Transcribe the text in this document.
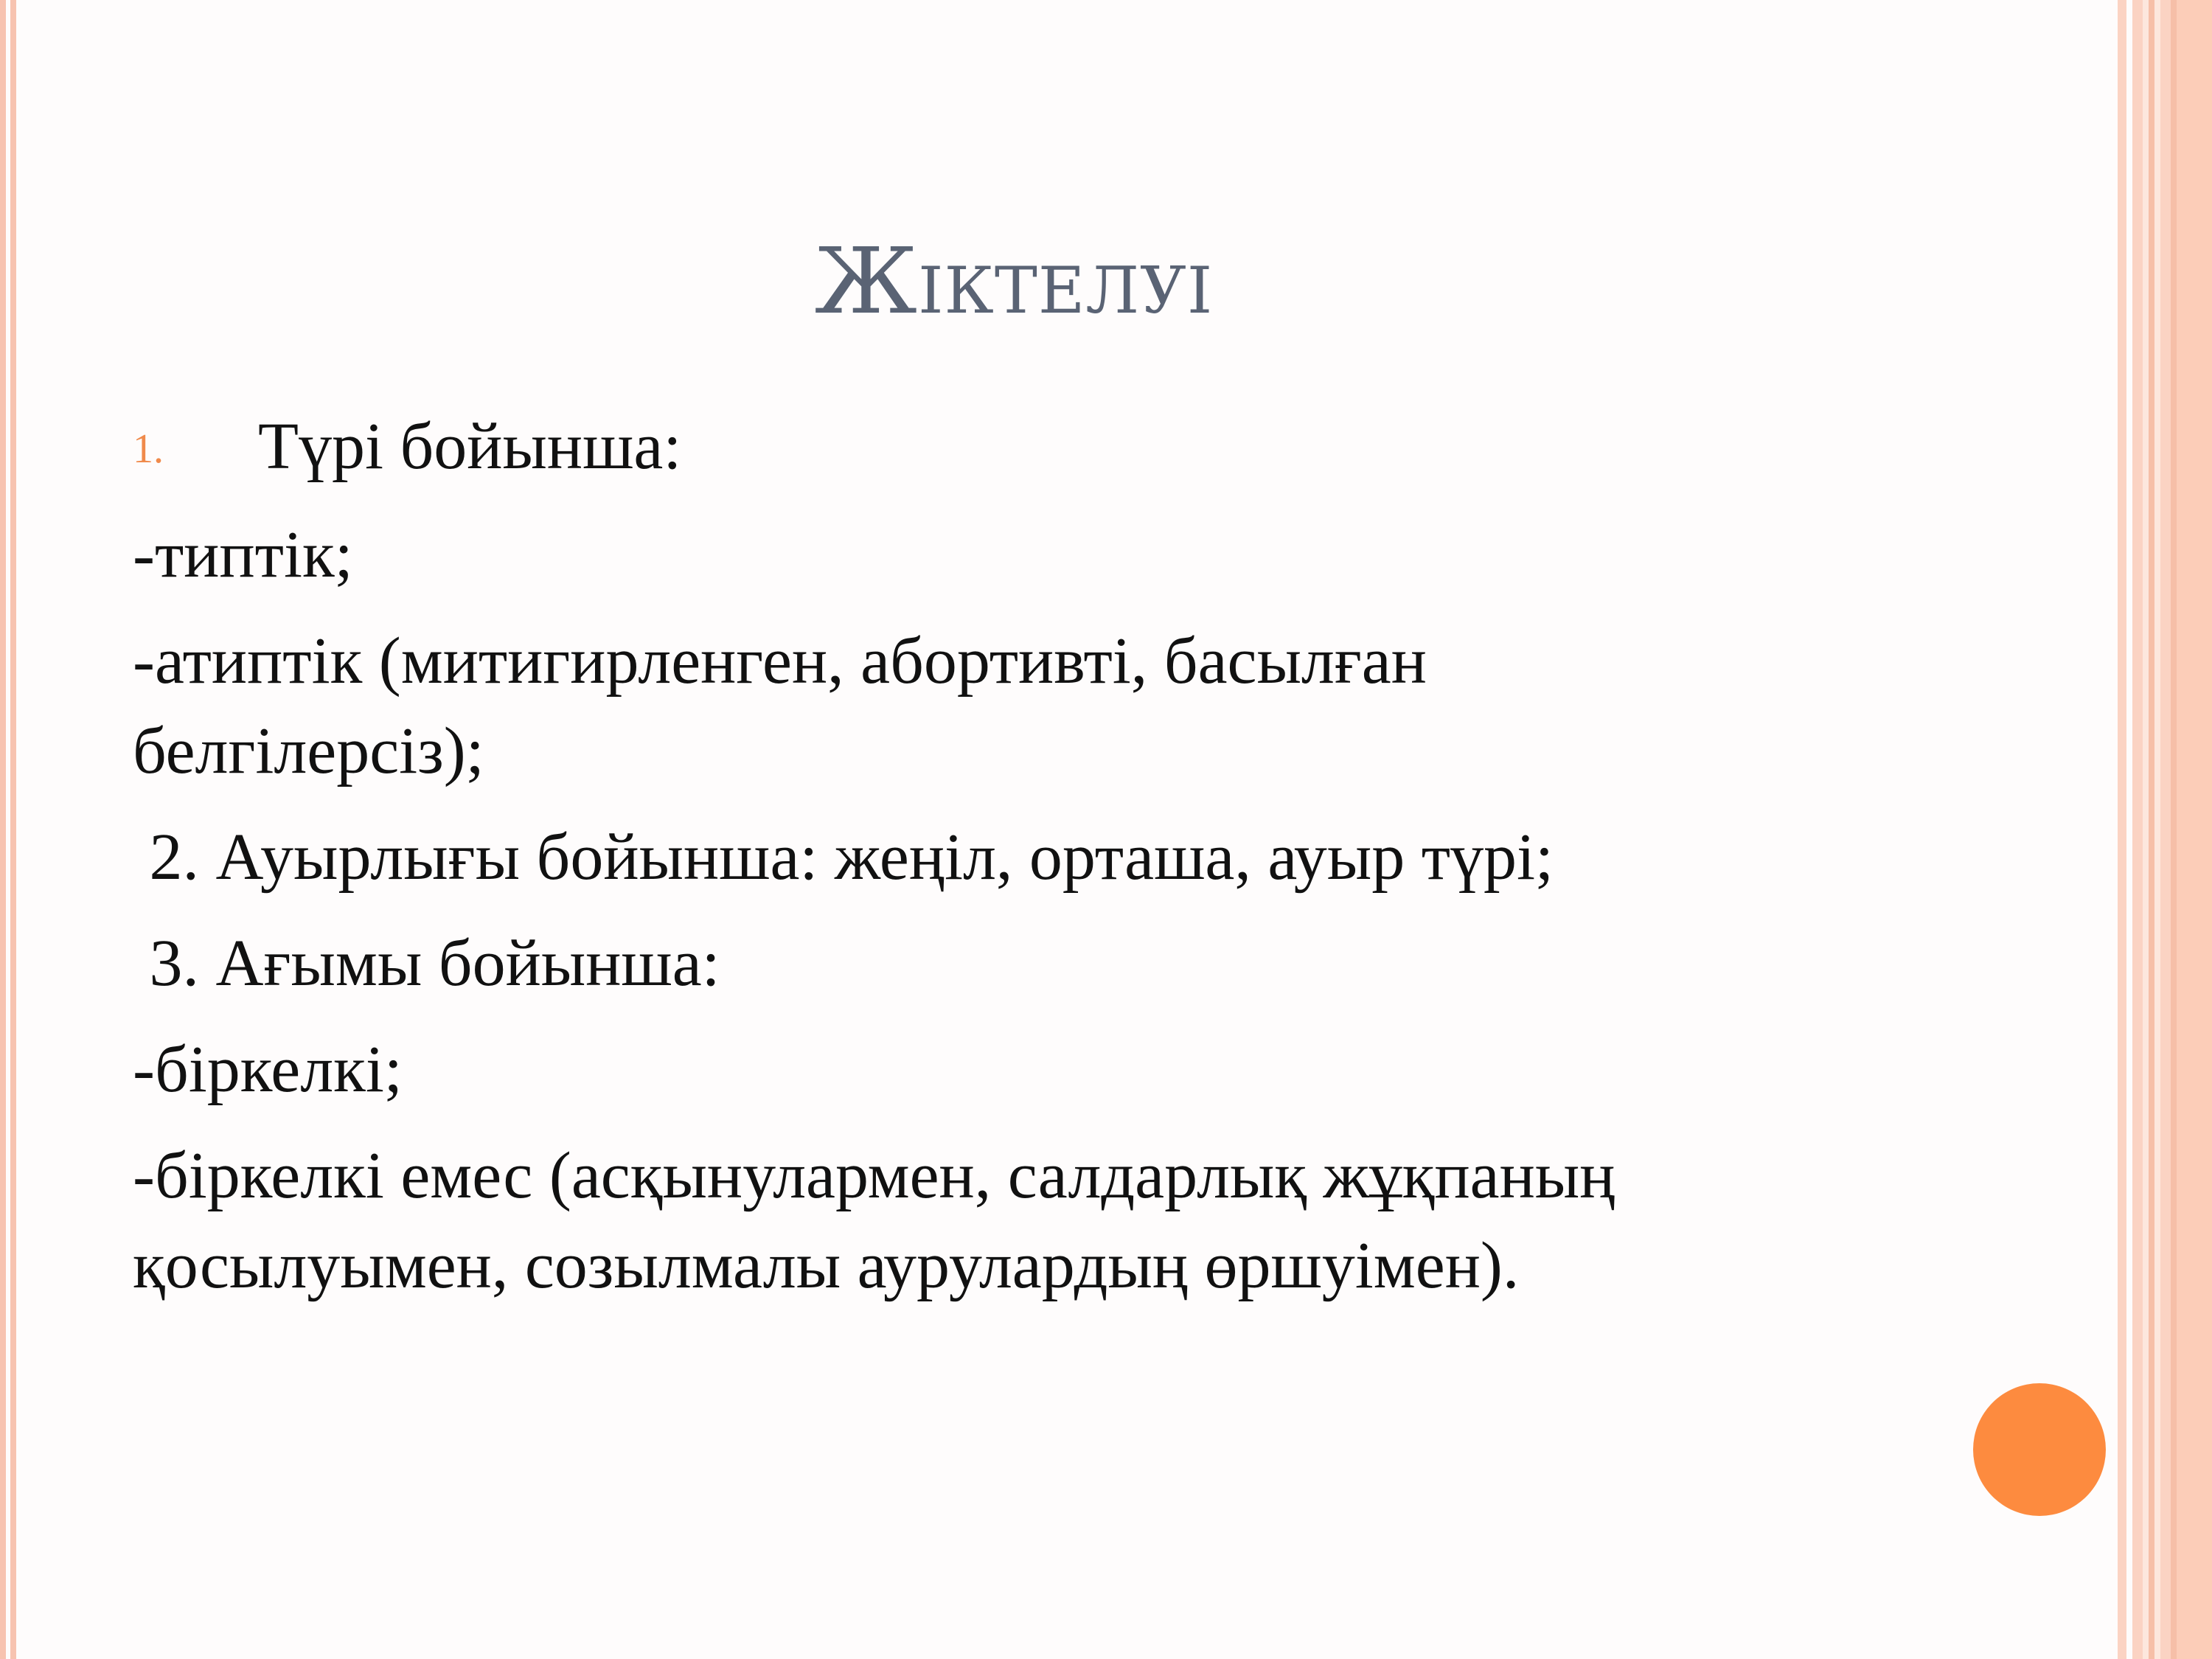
Жіктелуі

1. Түрі бойынша:

-типтік;

-атиптік (митигирленген, абортивті, басылған

белгілерсіз);

2. Ауырлығы бойынша: жеңіл, орташа, ауыр түрі;

3. Ағымы бойынша:

-біркелкі;

-біркелкі емес (асқынулармен, салдарлық жұқпаның

қосылуымен, созылмалы аурулардың өршуімен).
